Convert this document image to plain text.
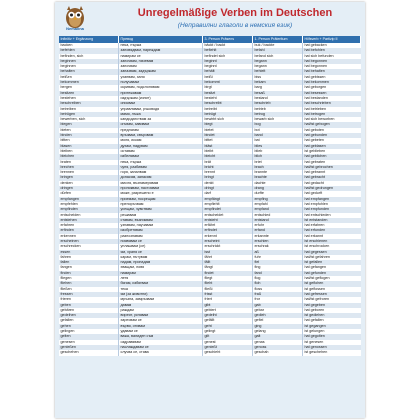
Nemalina
Unregelmäßige Verben im Deutschen
(Неправилни глаголи в немския език)
Infinitiv + Ergänzung	Превод	3. Person Präsens	1. Person Präteritum	Hilfsverb + Partizip II
backen	пека, пържа	bäckt / backt	buk / backte	hat gebacken
befehlen	заповядвам, нареждам	befiehlt	befahl	hat befohlen
befinden, sich	намирам се	befindet sich	befand sich	hat sich befunden
beginnen	започвам, начевам	beginnt	begann	hat begonnen
beginnen	започвам	beginnt	begann	hat begonnen
behalten	запазвам, задържам	behält	behielt	hat behalten
beißen	ухапвам, хапя	beißt	biss	hat gebissen
bekommen	получавам	bekommt	bekam	hat bekommen
bergen	скривам, подслонявам	birgt	barg	hat geborgen
besitzen	притежавам	besitzt	besaß	hat besessen
bestehen	издържам (изпит)	besteht	bestand	hat bestanden
beschreiben	описвам	beschreibt	beschrieb	hat beschrieben
betreiben	управлявам, ръководя	betreibt	betrieb	hat betrieben
betrügen	мамя, лъжа	betrügt	betrog	hat betrogen
bewerben, sich	кандидатствам за	bewirbt sich	bewarb sich	hat sich beworben
biegen	огъвам, завивам	biegt	bog	hat/ist gebogen
bieten	предлагам	bietet	bot	hat geboten
binden	връзвам, свързвам	bindet	band	hat gebunden
bitten	моля, искам	bittet	bat	hat gebeten
blasen	духам, надувам	bläst	blies	hat geblasen
bleiben	оставам	bleibt	blieb	ist geblieben
bleichen	избелявам	bleicht	blich	hat geblichen
braten	пека, пържа	brät	briet	hat gebraten
brechen	чупя, разбивам	bricht	brach	hat/ist gebrochen
brennen	горя, запалвам	brennt	brannte	hat gebrannt
bringen	донасям, занасям	bringt	brachte	hat gebracht
denken	мисля, възнамерявам	denkt	dachte	hat gedacht
dringen	прониквам, настоявам	dringt	drang	hat/ist gedrungen
dürfen	може, разрешено е	darf	durfte	hat gedurft
empfangen	приемам, посрещам	empfängt	empfing	hat empfangen
empfehlen	препоръчвам	empfiehlt	empfahl	hat empfohlen
empfinden	усещам, чувствам	empfindet	empfand	hat empfunden
entscheiden	решавам	entscheidet	entschied	hat entschieden
entstehen	ставам, възниквам	entsteht	entstand	ist entstanden
erfahren	узнавам, научавам	erfährt	erfuhr	hat erfahren
erfinden	изобретявам	erfindet	erfand	hat erfunden
erkennen	разпознавам	erkennt	erkannte	hat erkannt
erscheinen	появявам се	erscheint	erschien	ist erschienen
erschrecken	уплашвам (се)	erschrickt	erschrak	ist erschrocken
essen	ям, храня се	isst	aß	hat gegessen
fahren	карам, пътувам	fährt	fuhr	hat/ist gefahren
fallen	падам, пропадам	fällt	fiel	ist gefallen
fangen	хващам, ловя	fängt	fing	hat gefangen
finden	намирам	findet	fand	hat gefunden
fliegen	летя	fliegt	flog	hat/ist geflogen
fliehen	бягам, избягвам	flieht	floh	ist geflohen
fließen	тека	fließt	floss	ist geflossen
fressen	ям (за животни)	frisst	fraß	hat gefressen
frieren	мръзна, замръзвам	friert	fror	hat/ist gefroren
geben	давам	gibt	gab	hat gegeben
gebären	раждам	gebiert	gebar	hat geboren
gedeihen	виреят, успявам	gedeiht	gedieh	ist gediehen
gefallen	харесвам се	gefällt	gefiel	hat gefallen
gehen	вървя, отивам	geht	ging	ist gegangen
gelingen	удавам се	gelingt	gelang	ist gelungen
gelten	важа, валиден съм	gilt	galt	hat gegolten
genesen	оздравявам	genest	genas	ist genesen
genießen	наслаждавам се	genießt	genoss	hat genossen
geschehen	случва се, става	geschieht	geschah	ist geschehen
